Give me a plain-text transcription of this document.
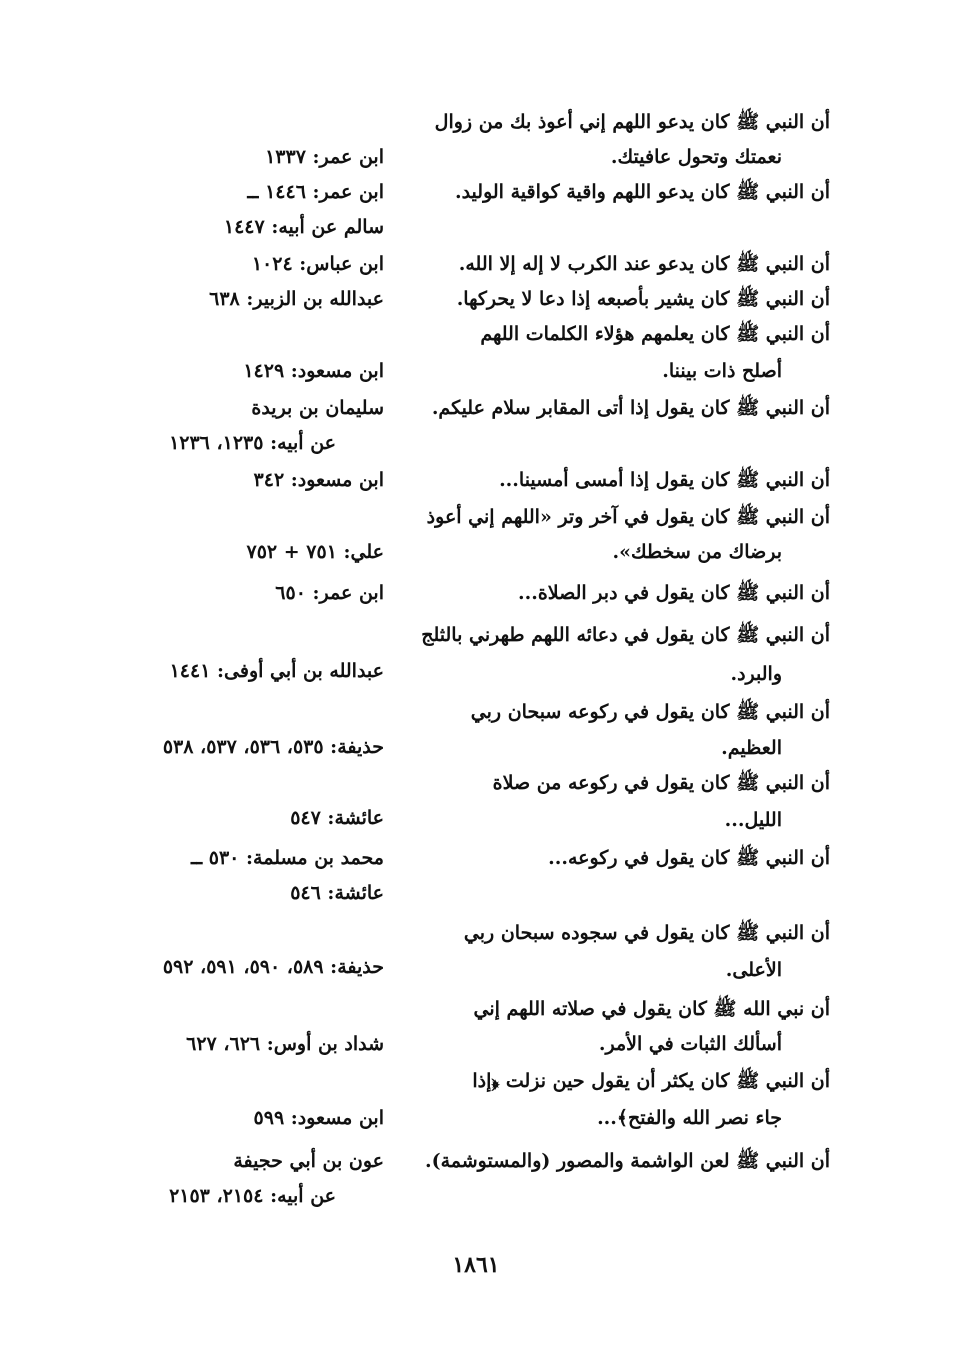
أن النبي ﷺ كان يدعو اللهم إني أعوذ بك من زوال
نعمتك وتحول عافيتك.
أن النبي ﷺ كان يدعو اللهم واقية كواقية الوليد.
أن النبي ﷺ كان يدعو عند الكرب لا إله إلا الله.
أن النبي ﷺ كان يشير بأصبعه إذا دعا لا يحركها.
أن النبي ﷺ كان يعلمهم هؤلاء الكلمات اللهم
أصلح ذات بيننا.
أن النبي ﷺ كان يقول إذا أتى المقابر سلام عليكم.
أن النبي ﷺ كان يقول إذا أمسى أمسينا...
أن النبي ﷺ كان يقول في آخر وتر «اللهم إني أعوذ
برضاك من سخطك».
أن النبي ﷺ كان يقول في دبر الصلاة...
أن النبي ﷺ كان يقول في دعائه اللهم طهرني بالثلج
والبرد.
أن النبي ﷺ كان يقول في ركوعه سبحان ربي
العظيم.
أن النبي ﷺ كان يقول في ركوعه من صلاة
الليل...
أن النبي ﷺ كان يقول في ركوعه...
أن النبي ﷺ كان يقول في سجوده سبحان ربي
الأعلى.
أن نبي الله ﷺ كان يقول في صلاته اللهم إني
أسألك الثبات في الأمر.
أن النبي ﷺ كان يكثر أن يقول حين نزلت ﴿إذا
جاء نصر الله والفتح﴾...
أن النبي ﷺ لعن الواشمة والمصور (والمستوشمة).
ابن عمر: ١٣٣٧
ابن عمر: ١٤٤٦ ــ
سالم عن أبيه: ١٤٤٧
ابن عباس: ١٠٢٤
عبدالله بن الزبير: ٦٣٨
ابن مسعود: ١٤٢٩
سليمان بن بريدة
عن أبيه: ١٢٣٥، ١٢٣٦
ابن مسعود: ٣٤٢
علي: ٧٥١ + ٧٥٢
ابن عمر: ٦٥٠
عبدالله بن أبي أوفى: ١٤٤١
حذيفة: ٥٣٥، ٥٣٦، ٥٣٧، ٥٣٨
عائشة: ٥٤٧
محمد بن مسلمة: ٥٣٠ ــ
عائشة: ٥٤٦
حذيفة: ٥٨٩، ٥٩٠، ٥٩١، ٥٩٢
شداد بن أوس: ٦٢٦، ٦٢٧
ابن مسعود: ٥٩٩
عون بن أبي حجيفة
عن أبيه: ٢١٥٤، ٢١٥٣
١٨٦١
